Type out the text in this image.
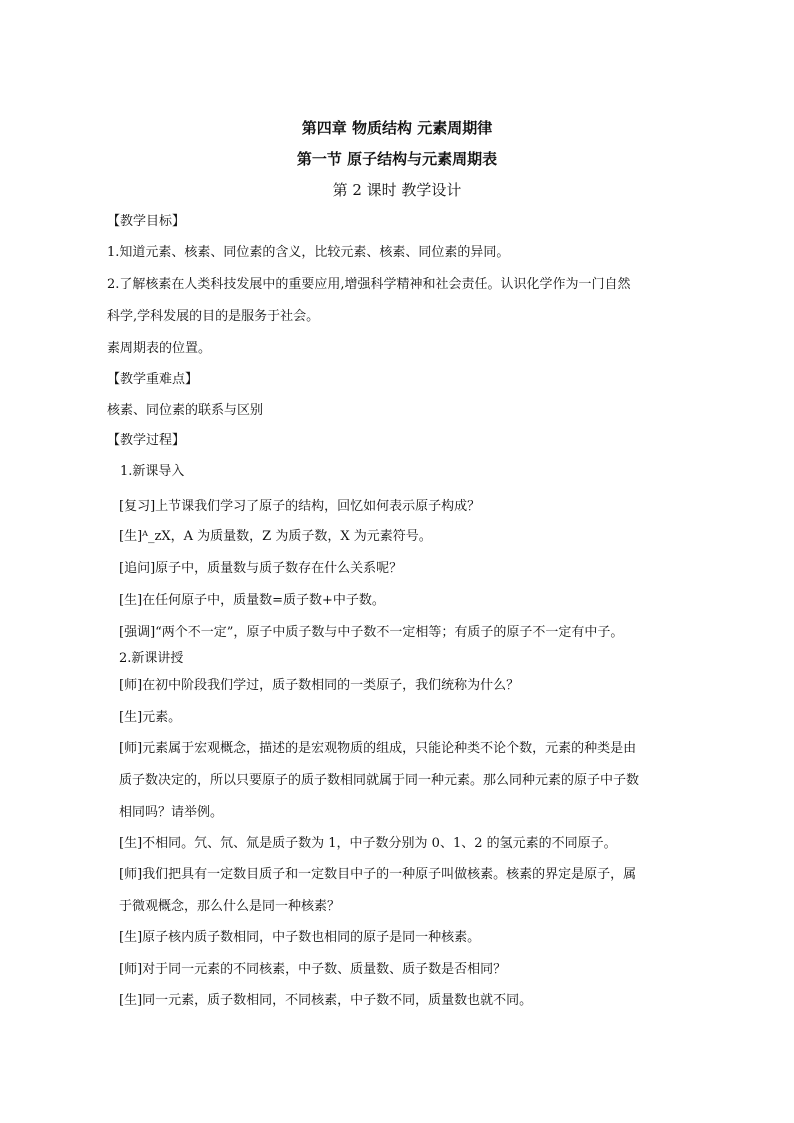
第四章 物质结构 元素周期律
第一节 原子结构与元素周期表
第 2 课时 教学设计
【教学目标】
1.知道元素、核素、同位素的含义，比较元素、核素、同位素的异同。
2.了解核素在人类科技发展中的重要应用,增强科学精神和社会责任。认识化学作为一门自然
科学,学科发展的目的是服务于社会。
素周期表的位置。
【教学重难点】
核素、同位素的联系与区别
【教学过程】
1.新课导入
[复习]上节课我们学习了原子的结构，回忆如何表示原子构成？
[生]ᴬ_zX，A 为质量数，Z 为质子数，X 为元素符号。
[追问]原子中，质量数与质子数存在什么关系呢？
[生]在任何原子中，质量数=质子数+中子数。
[强调]“两个不一定”，原子中质子数与中子数不一定相等；有质子的原子不一定有中子。
2.新课讲授
[师]在初中阶段我们学过，质子数相同的一类原子，我们统称为什么？
[生]元素。
[师]元素属于宏观概念，描述的是宏观物质的组成，只能论种类不论个数，元素的种类是由
质子数决定的，所以只要原子的质子数相同就属于同一种元素。那么同种元素的原子中子数
相同吗？请举例。
[生]不相同。氕、氘、氚是质子数为 1，中子数分别为 0、1、2 的氢元素的不同原子。
[师]我们把具有一定数目质子和一定数目中子的一种原子叫做核素。核素的界定是原子，属
于微观概念，那么什么是同一种核素？
[生]原子核内质子数相同，中子数也相同的原子是同一种核素。
[师]对于同一元素的不同核素，中子数、质量数、质子数是否相同？
[生]同一元素，质子数相同，不同核素，中子数不同，质量数也就不同。
